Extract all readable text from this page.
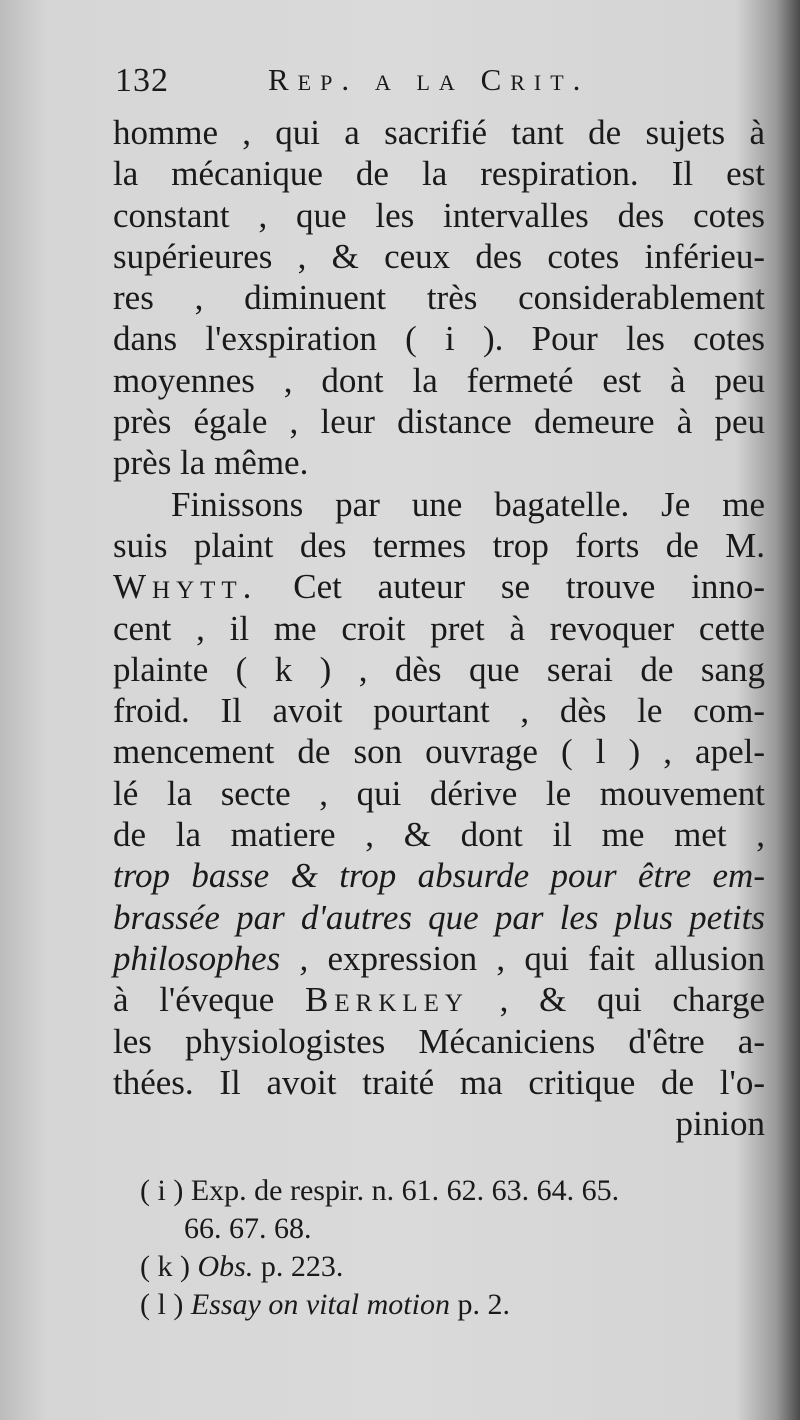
132	Rep. a la Crit.
homme , qui a sacrifié tant de sujets à
la mécanique de la respiration. Il est
constant , que les intervalles des cotes
supérieures , & ceux des cotes inférieu-
res , diminuent très considerablement
dans l'exspiration ( i ). Pour les cotes
moyennes , dont la fermeté est à peu
près égale , leur distance demeure à peu
près la même.
Finissons par une bagatelle. Je me
suis plaint des termes trop forts de M.
Whytt. Cet auteur se trouve inno-
cent , il me croit pret à revoquer cette
plainte ( k ) , dès que serai de sang
froid. Il avoit pourtant , dès le com-
mencement de son ouvrage ( l ) , apel-
lé la secte , qui dérive le mouvement
de la matiere , & dont il me met ,
trop basse & trop absurde pour être em-
brassée par d'autres que par les plus petits
philosophes , expression , qui fait allusion
à l'éveque Berkley , & qui charge
les physiologistes Mécaniciens d'être a-
thées. Il avoit traité ma critique de l'o-
pinion
( i ) Exp. de respir. n. 61. 62. 63. 64. 65.
66. 67. 68.
( k ) Obs. p. 223.
( l ) Essay on vital motion p. 2.
